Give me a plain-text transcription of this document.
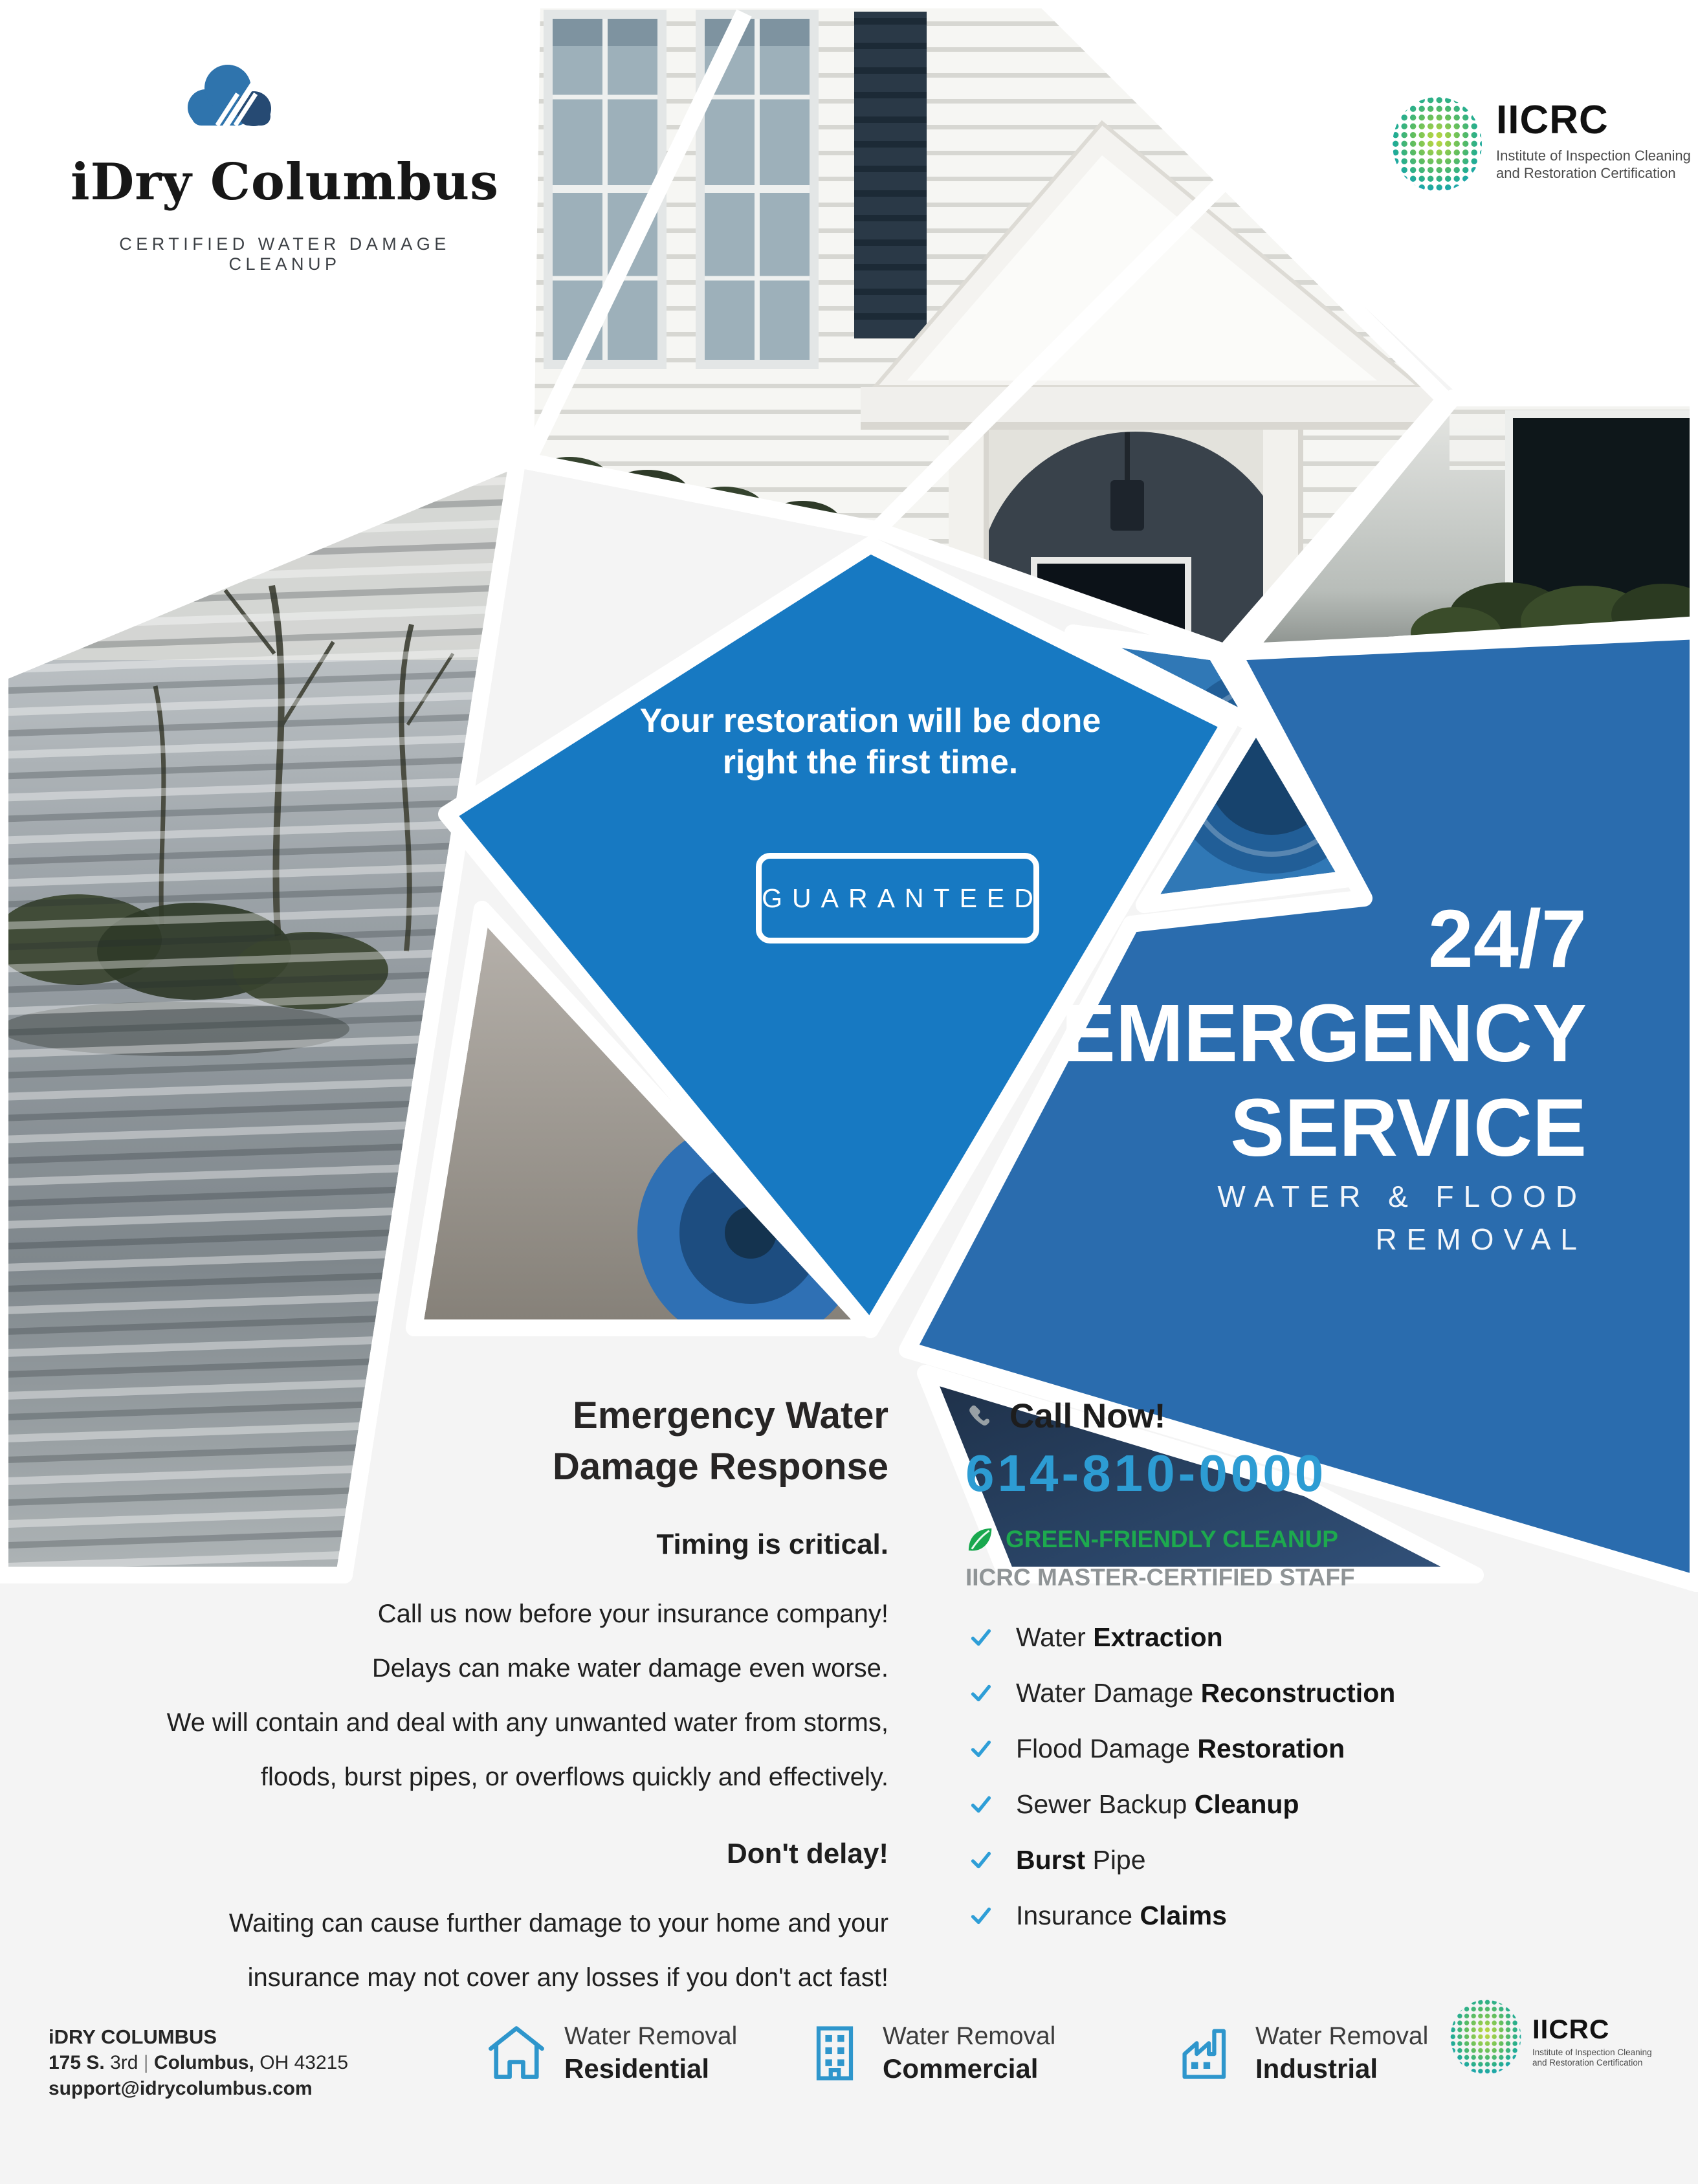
iDry Columbus
CERTIFIED WATER DAMAGE CLEANUP
IICRC
Institute of Inspection Cleaning
and Restoration Certification
Your restoration will be done
right the first time.
GUARANTEED	24/7
EMERGENCY
SERVICE
WATER & FLOOD
REMOVAL
Emergency Water
Damage Response
Timing is critical.
Call us now before your insurance company!
Delays can make water damage even worse.
We will contain and deal with any unwanted water from storms,
floods, burst pipes, or overflows quickly and effectively.
Don't delay!
Waiting can cause further damage to your home and your
insurance may not cover any losses if you don't act fast!
Call Now!
614-810-0000
GREEN-FRIENDLY CLEANUP
IICRC MASTER-CERTIFIED STAFF
Water Extraction
Water Damage Reconstruction
Flood Damage Restoration
Sewer Backup Cleanup
Burst Pipe
Insurance Claims
iDRY COLUMBUS
175 S. 3rd | Columbus, OH 43215
support@idrycolumbus.com
Water Removal
Residential
Water Removal
Commercial
Water Removal
Industrial
IICRC
Institute of Inspection Cleaning
and Restoration Certification
